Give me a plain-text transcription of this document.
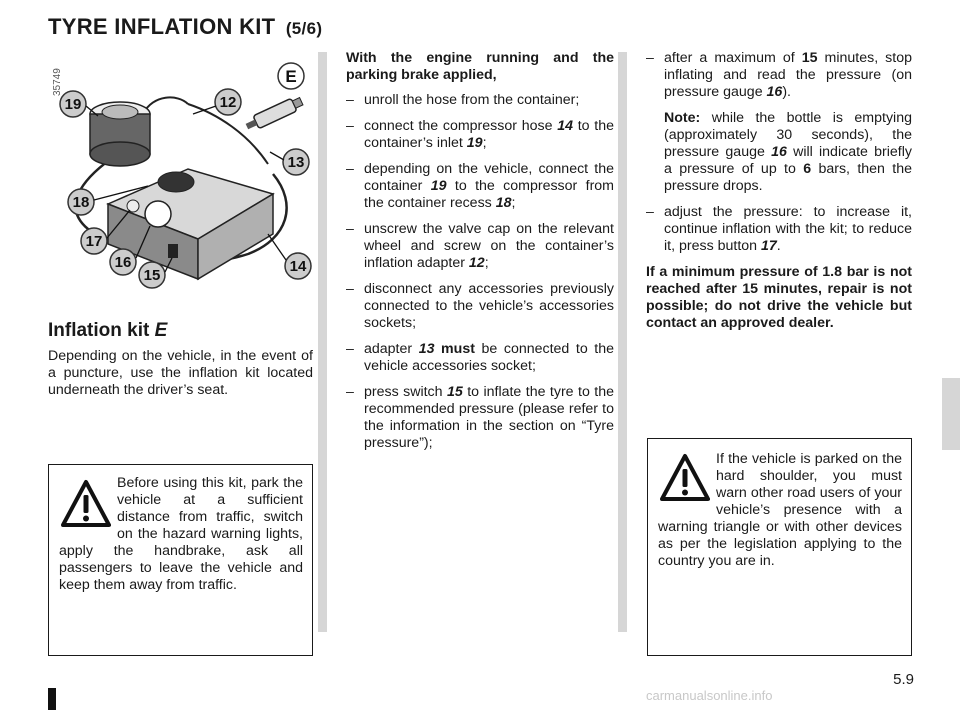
TYRE INFLATION KIT (5/6)
35749
19	12
13
18
17
16
15
14
E
Inflation kit E
Depending on the vehicle, in the event of a puncture, use the inflation kit located underneath the driver’s seat.
Before using this kit, park the vehicle at a sufficient distance from traffic, switch on the hazard warning lights, apply the handbrake, ask all passengers to leave the vehicle and keep them away from traffic.
With the engine running and the parking brake applied,
– unroll the hose from the container;
– connect the compressor hose 14 to the container’s inlet 19;
– depending on the vehicle, connect the container 19 to the compressor from the container recess 18;
– unscrew the valve cap on the relevant wheel and screw on the container’s inflation adapter 12;
– disconnect any accessories previously connected to the vehicle’s accessories sockets;
– adapter 13 must be connected to the vehicle accessories socket;
– press switch 15 to inflate the tyre to the recommended pressure (please refer to the information in the section on “Tyre pressure”);
– after a maximum of 15 minutes, stop inflating and read the pressure (on pressure gauge 16).
Note: while the bottle is emptying (approximately 30 seconds), the pressure gauge 16 will indicate briefly a pressure of up to 6 bars, then the pressure drops.
– adjust the pressure: to increase it, continue inflation with the kit; to reduce it, press button 17.
If a minimum pressure of 1.8 bar is not reached after 15 minutes, repair is not possible; do not drive the vehicle but contact an approved dealer.
If the vehicle is parked on the hard shoulder, you must warn other road users of your vehicle’s presence with a warning triangle or with other devices as per the legislation applying to the country you are in.
5.9
carmanualsonline.info
